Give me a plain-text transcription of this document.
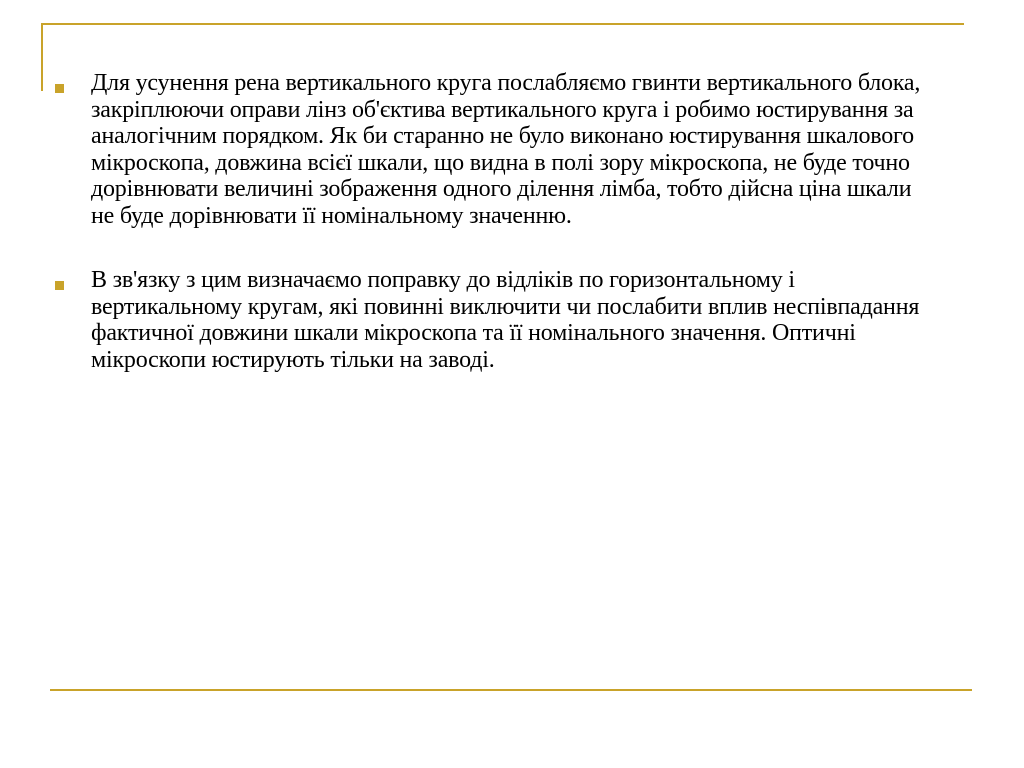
Для усунення рена вертикального круга послабляємо гвинти вертикального блока, закріплюючи оправи лінз об'єктива вертикального круга і робимо юстирування за аналогічним порядком. Як би старанно не було виконано юстирування шкалового мікроскопа, довжина всієї шкали, що видна в полі зору мікроскопа, не буде точно дорівнювати величині зображення одного ділення лімба, тобто дійсна ціна шкали не буде дорівнювати її номінальному значенню.
В зв'язку з цим визначаємо поправку до відліків по горизонтальному і вертикальному кругам, які повинні виключити чи послабити вплив неспівпадання фактичної довжини шкали мікроскопа та її номінального значення. Оптичні мікроскопи юстирують тільки на заводі.
